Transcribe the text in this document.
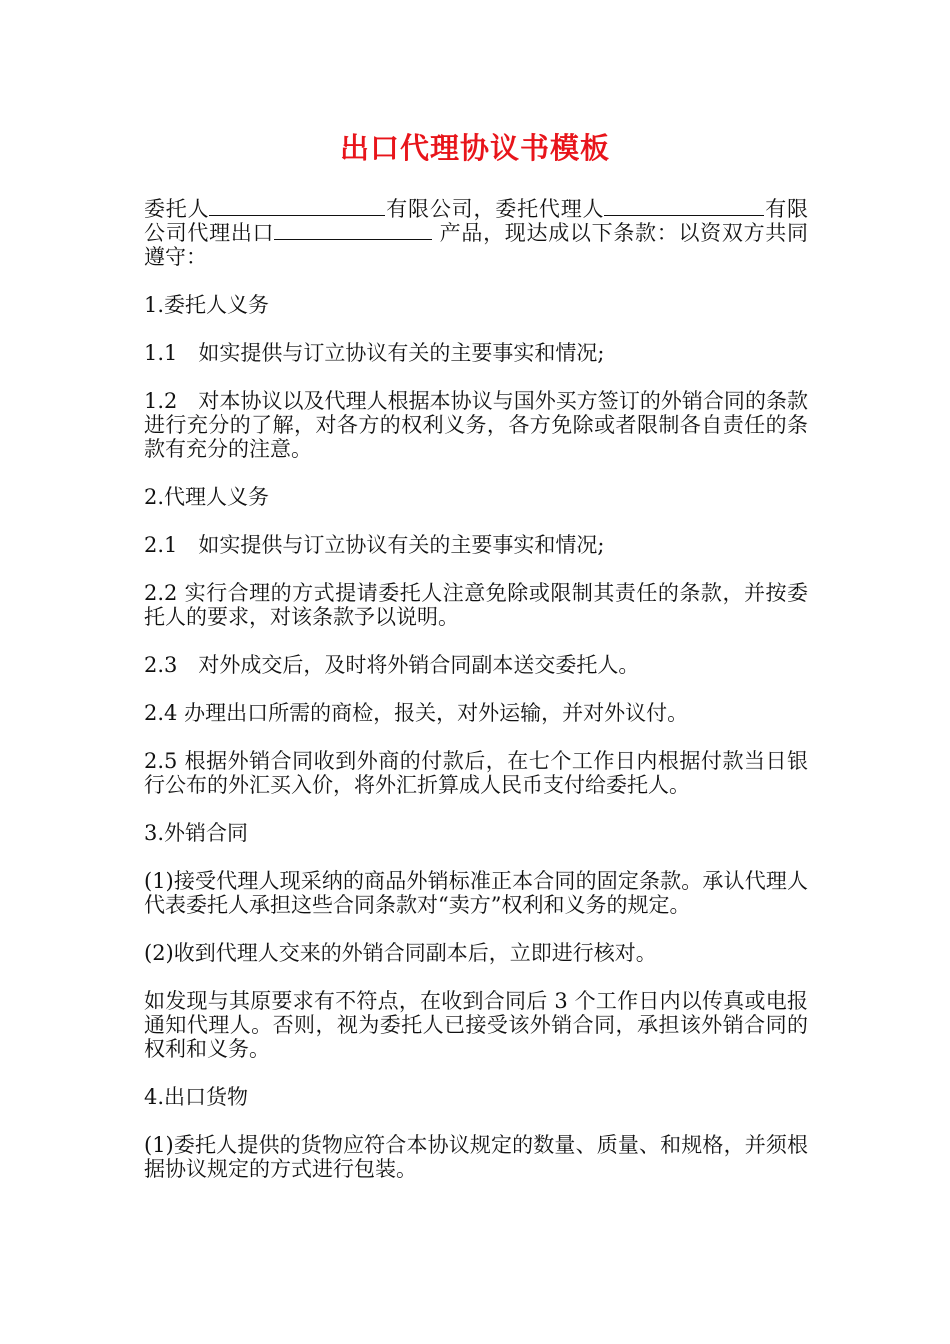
出口代理协议书模板

委托人	有限公司，委托代理人	有限公司代理出口	产品，现达成以下条款：以资双方共同遵守：

1.委托人义务

1.1　如实提供与订立协议有关的主要事实和情况;

1.2　对本协议以及代理人根据本协议与国外买方签订的外销合同的条款进行充分的了解，对各方的权利义务，各方免除或者限制各自责任的条款有充分的注意。

2.代理人义务

2.1　如实提供与订立协议有关的主要事实和情况;

2.2 实行合理的方式提请委托人注意免除或限制其责任的条款，并按委托人的要求，对该条款予以说明。

2.3　对外成交后，及时将外销合同副本送交委托人。

2.4 办理出口所需的商检，报关，对外运输，并对外议付。

2.5 根据外销合同收到外商的付款后，在七个工作日内根据付款当日银行公布的外汇买入价，将外汇折算成人民币支付给委托人。

3.外销合同

(1)接受代理人现采纳的商品外销标准正本合同的固定条款。承认代理人代表委托人承担这些合同条款对“卖方”权利和义务的规定。

(2)收到代理人交来的外销合同副本后，立即进行核对。

如发现与其原要求有不符点，在收到合同后 3 个工作日内以传真或电报通知代理人。否则，视为委托人已接受该外销合同，承担该外销合同的权利和义务。

4.出口货物

(1)委托人提供的货物应符合本协议规定的数量、质量、和规格，并须根据协议规定的方式进行包装。
